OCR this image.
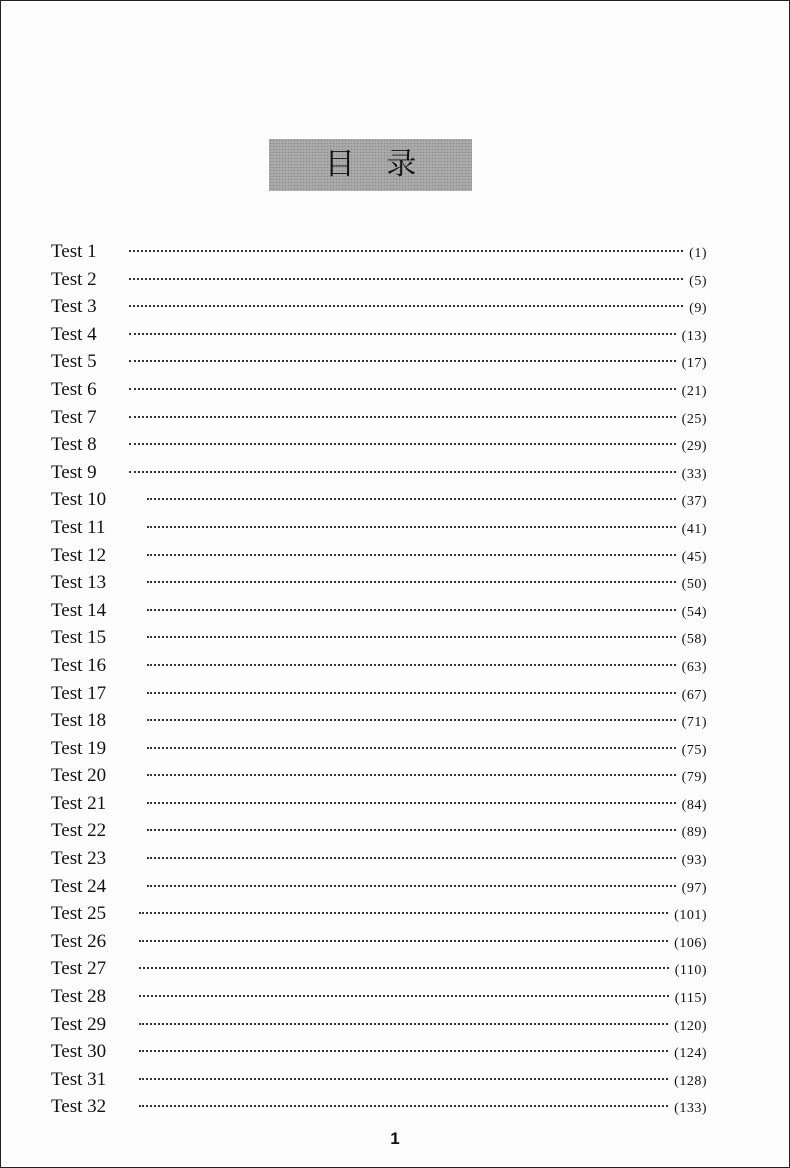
目 录
Test 1	(1)
Test 2	(5)
Test 3	(9)
Test 4	(13)
Test 5	(17)
Test 6	(21)
Test 7	(25)
Test 8	(29)
Test 9	(33)
Test 10	(37)
Test 11	(41)
Test 12	(45)
Test 13	(50)
Test 14	(54)
Test 15	(58)
Test 16	(63)
Test 17	(67)
Test 18	(71)
Test 19	(75)
Test 20	(79)
Test 21	(84)
Test 22	(89)
Test 23	(93)
Test 24	(97)
Test 25	(101)
Test 26	(106)
Test 27	(110)
Test 28	(115)
Test 29	(120)
Test 30	(124)
Test 31	(128)
Test 32	(133)
1
